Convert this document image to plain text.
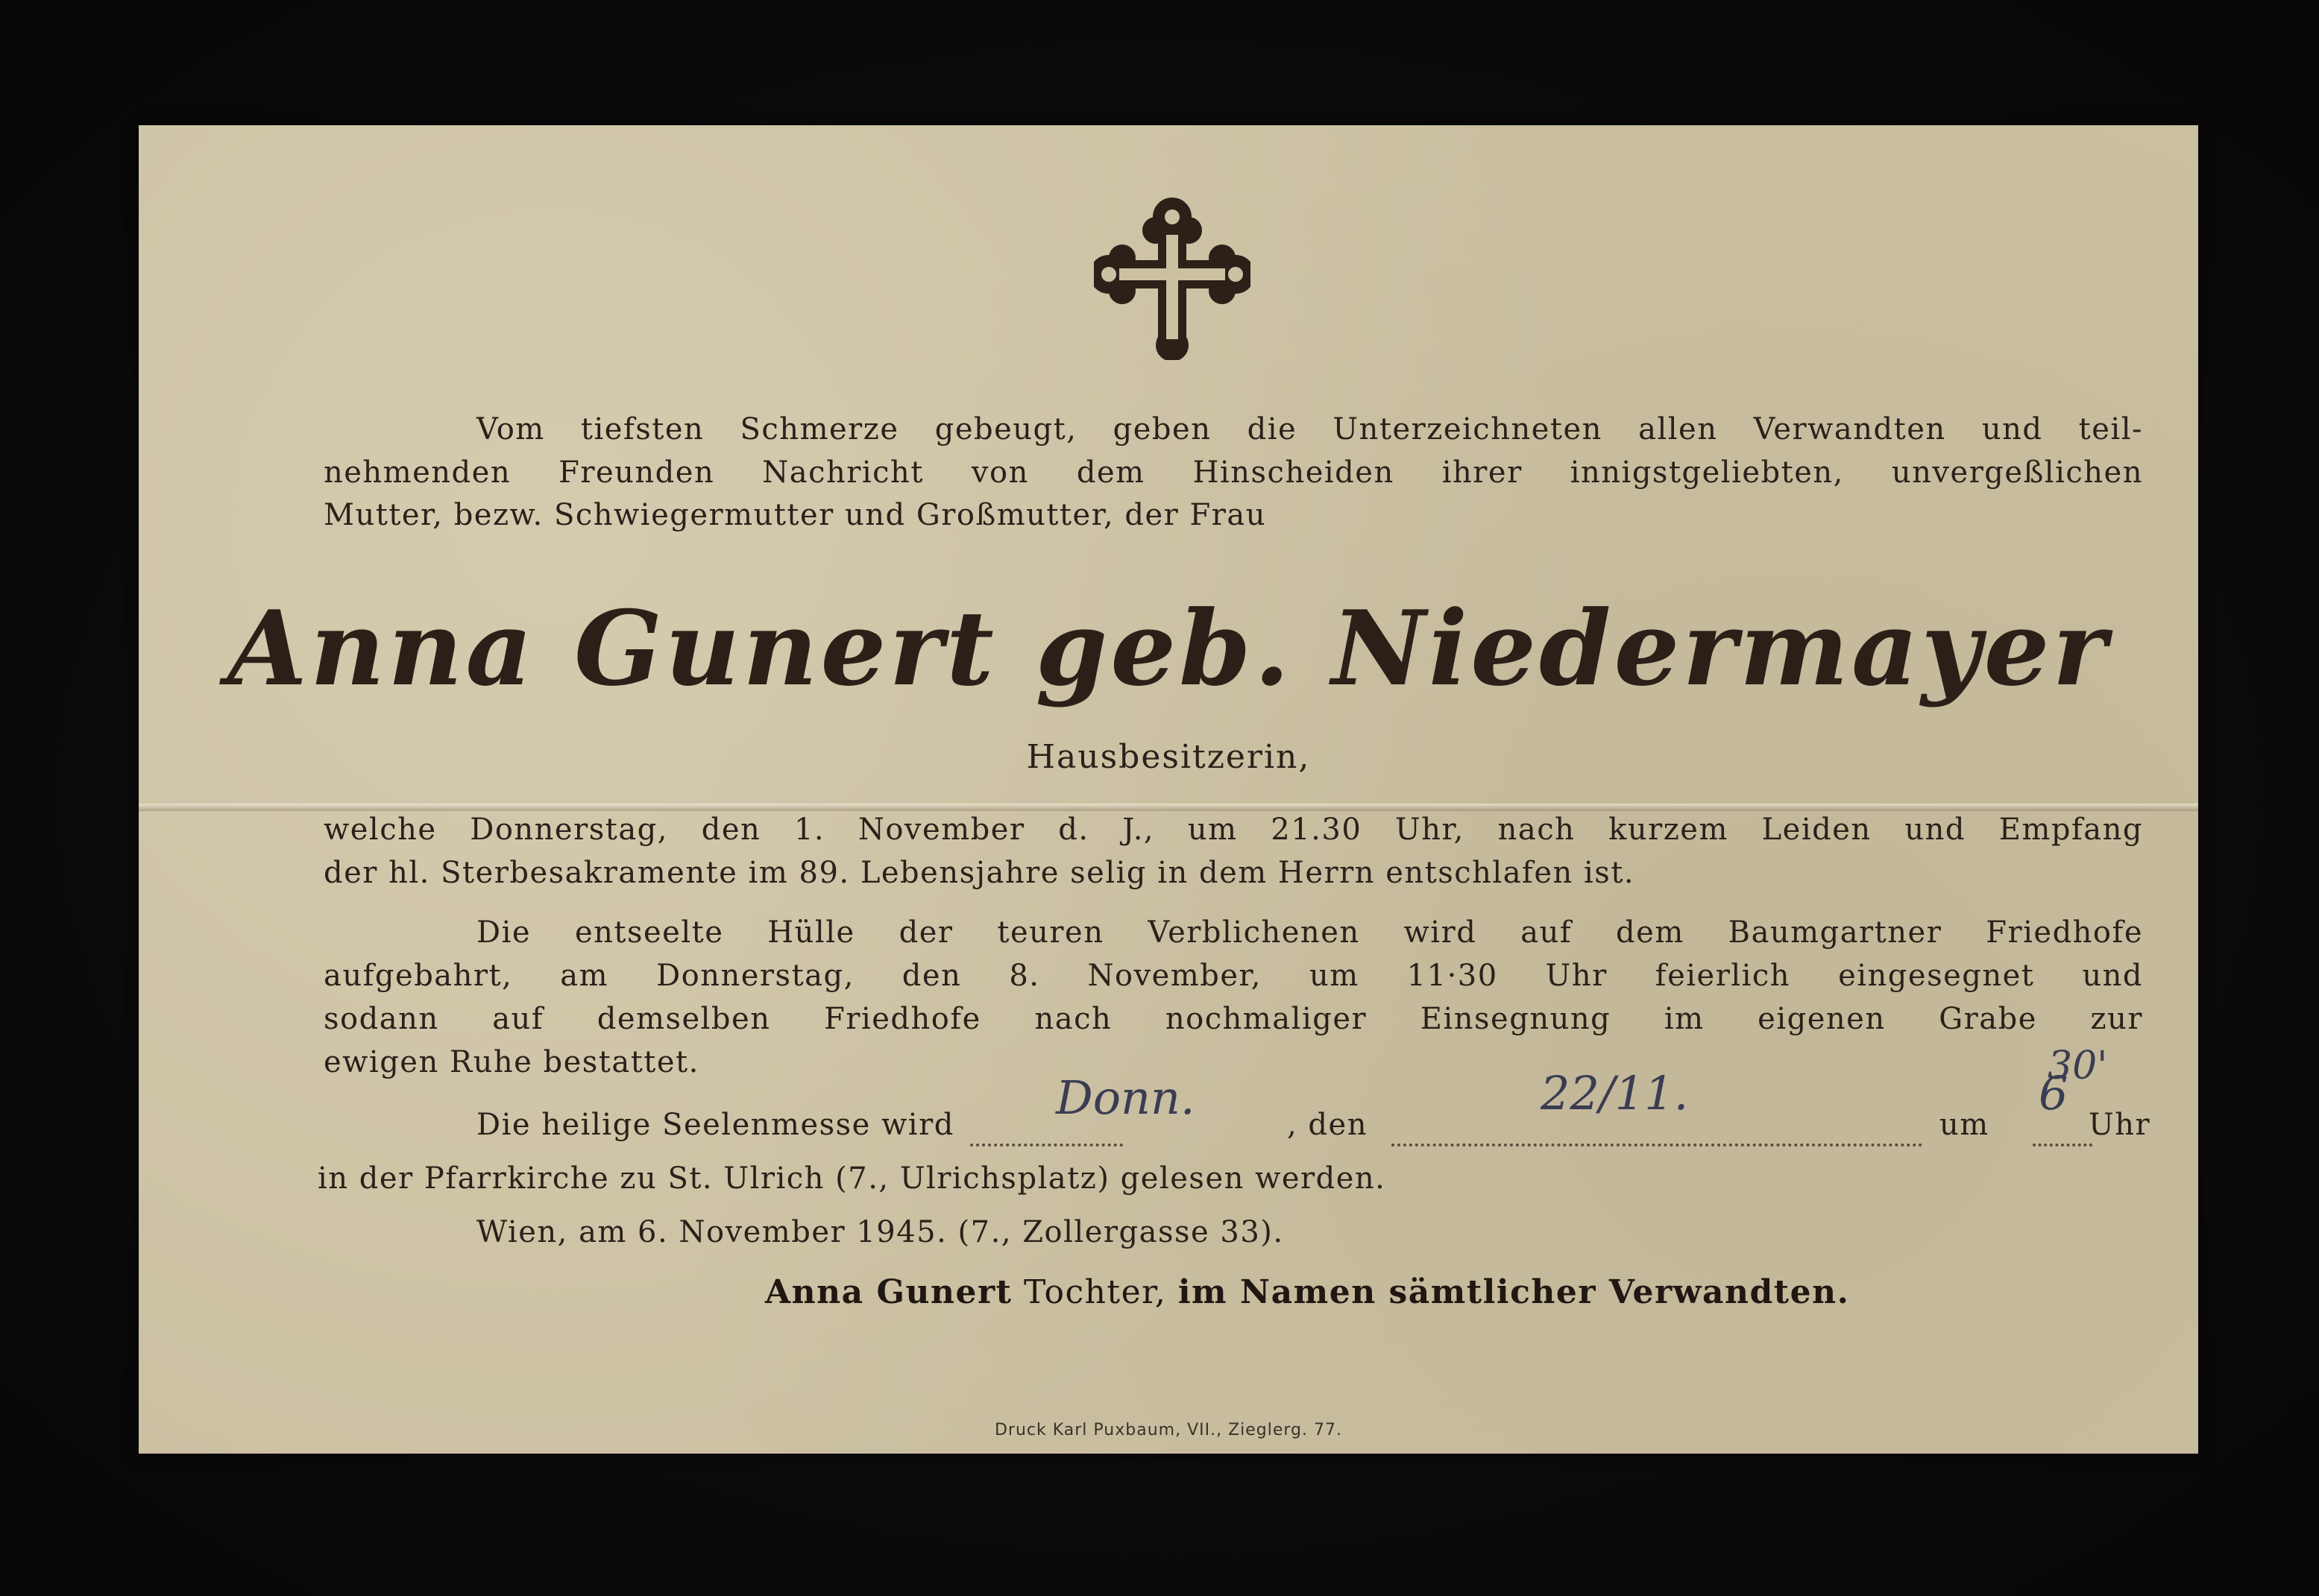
Vom tiefsten Schmerze gebeugt, geben die Unterzeichneten allen Verwandten und teil-
nehmenden Freunden Nachricht von dem Hinscheiden ihrer innigstgeliebten, unvergeßlichen
Mutter, bezw. Schwiegermutter und Großmutter, der Frau
Anna Gunert geb. Niedermayer
Hausbesitzerin,
welche Donnerstag, den 1. November d. J., um 21.30 Uhr, nach kurzem Leiden und Empfang
der hl. Sterbesakramente im 89. Lebensjahre selig in dem Herrn entschlafen ist.
Die entseelte Hülle der teuren Verblichenen wird auf dem Baumgartner Friedhofe
aufgebahrt, am Donnerstag, den 8. November, um 11·30 Uhr feierlich eingesegnet und
sodann auf demselben Friedhofe nach nochmaliger Einsegnung im eigenen Grabe zur
ewigen Ruhe bestattet.
Die heilige Seelenmesse wird Donn.	, den
22/11.
um
6
Uhr
30'
in der Pfarrkirche zu St. Ulrich (7., Ulrichsplatz) gelesen werden.
Wien, am 6. November 1945. (7., Zollergasse 33).
Anna Gunert Tochter, im Namen sämtlicher Verwandten.
Druck Karl Puxbaum, VII., Zieglerg. 77.
